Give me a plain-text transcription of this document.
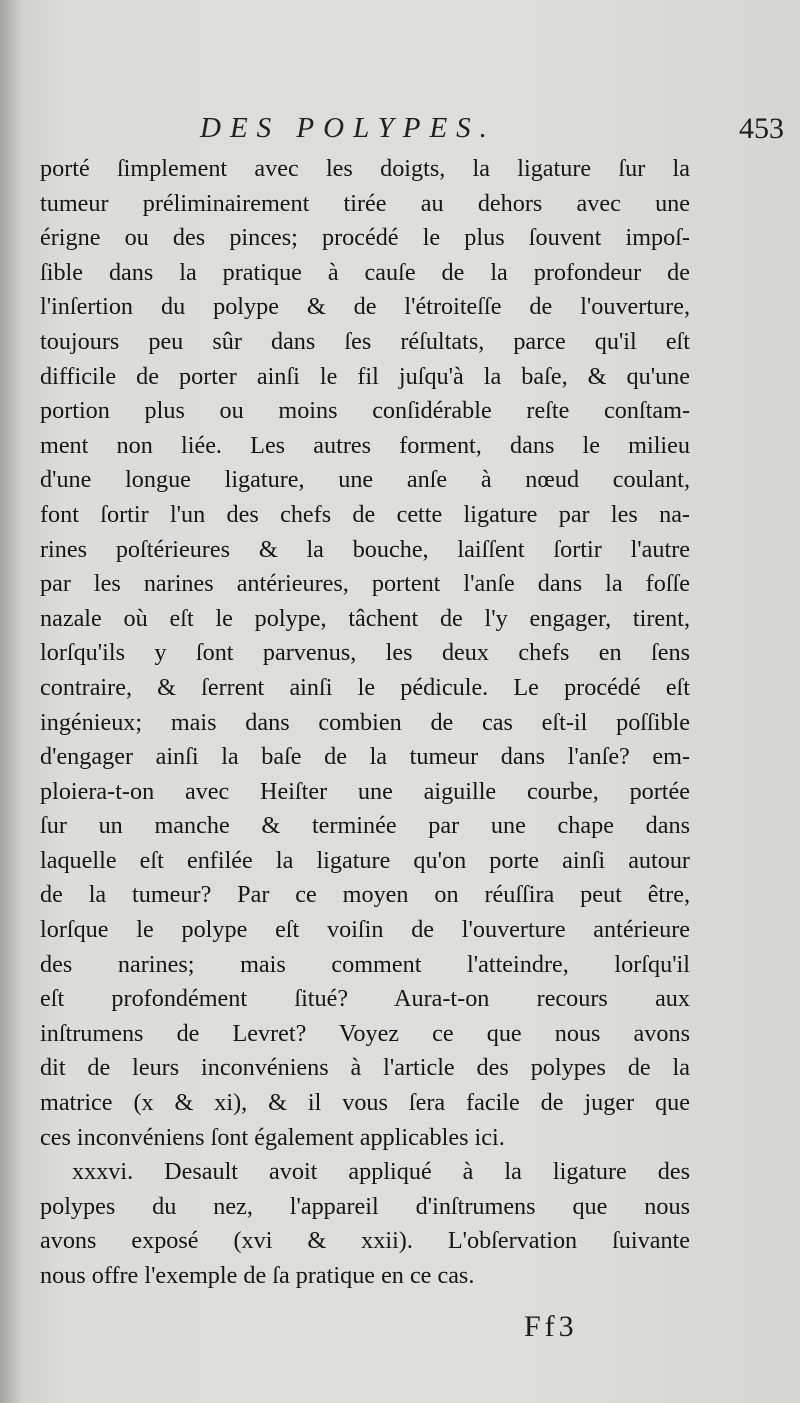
DES POLYPES.	453
porté ſimplement avec les doigts, la ligature ſur la
tumeur préliminairement tirée au dehors avec une
érigne ou des pinces; procédé le plus ſouvent impoſ-
ſible dans la pratique à cauſe de la profondeur de
l'inſertion du polype & de l'étroiteſſe de l'ouverture,
toujours peu sûr dans ſes réſultats, parce qu'il eſt
difficile de porter ainſi le fil juſqu'à la baſe, & qu'une
portion plus ou moins conſidérable reſte conſtam-
ment non liée. Les autres forment, dans le milieu
d'une longue ligature, une anſe à nœud coulant,
font ſortir l'un des chefs de cette ligature par les na-
rines poſtérieures & la bouche, laiſſent ſortir l'autre
par les narines antérieures, portent l'anſe dans la foſſe
nazale où eſt le polype, tâchent de l'y engager, tirent,
lorſqu'ils y ſont parvenus, les deux chefs en ſens
contraire, & ſerrent ainſi le pédicule. Le procédé eſt
ingénieux; mais dans combien de cas eſt-il poſſible
d'engager ainſi la baſe de la tumeur dans l'anſe? em-
ploiera-t-on avec Heiſter une aiguille courbe, portée
ſur un manche & terminée par une chape dans
laquelle eſt enfilée la ligature qu'on porte ainſi autour
de la tumeur? Par ce moyen on réuſſira peut être,
lorſque le polype eſt voiſin de l'ouverture antérieure
des narines; mais comment l'atteindre, lorſqu'il
eſt profondément ſitué? Aura-t-on recours aux
inſtrumens de Levret? Voyez ce que nous avons
dit de leurs inconvéniens à l'article des polypes de la
matrice (x & xi), & il vous ſera facile de juger que
ces inconvéniens ſont également applicables ici.
xxxvi. Desault avoit appliqué à la ligature des
polypes du nez, l'appareil d'inſtrumens que nous
avons exposé (xvi & xxii). L'obſervation ſuivante
nous offre l'exemple de ſa pratique en ce cas.
Ff3
